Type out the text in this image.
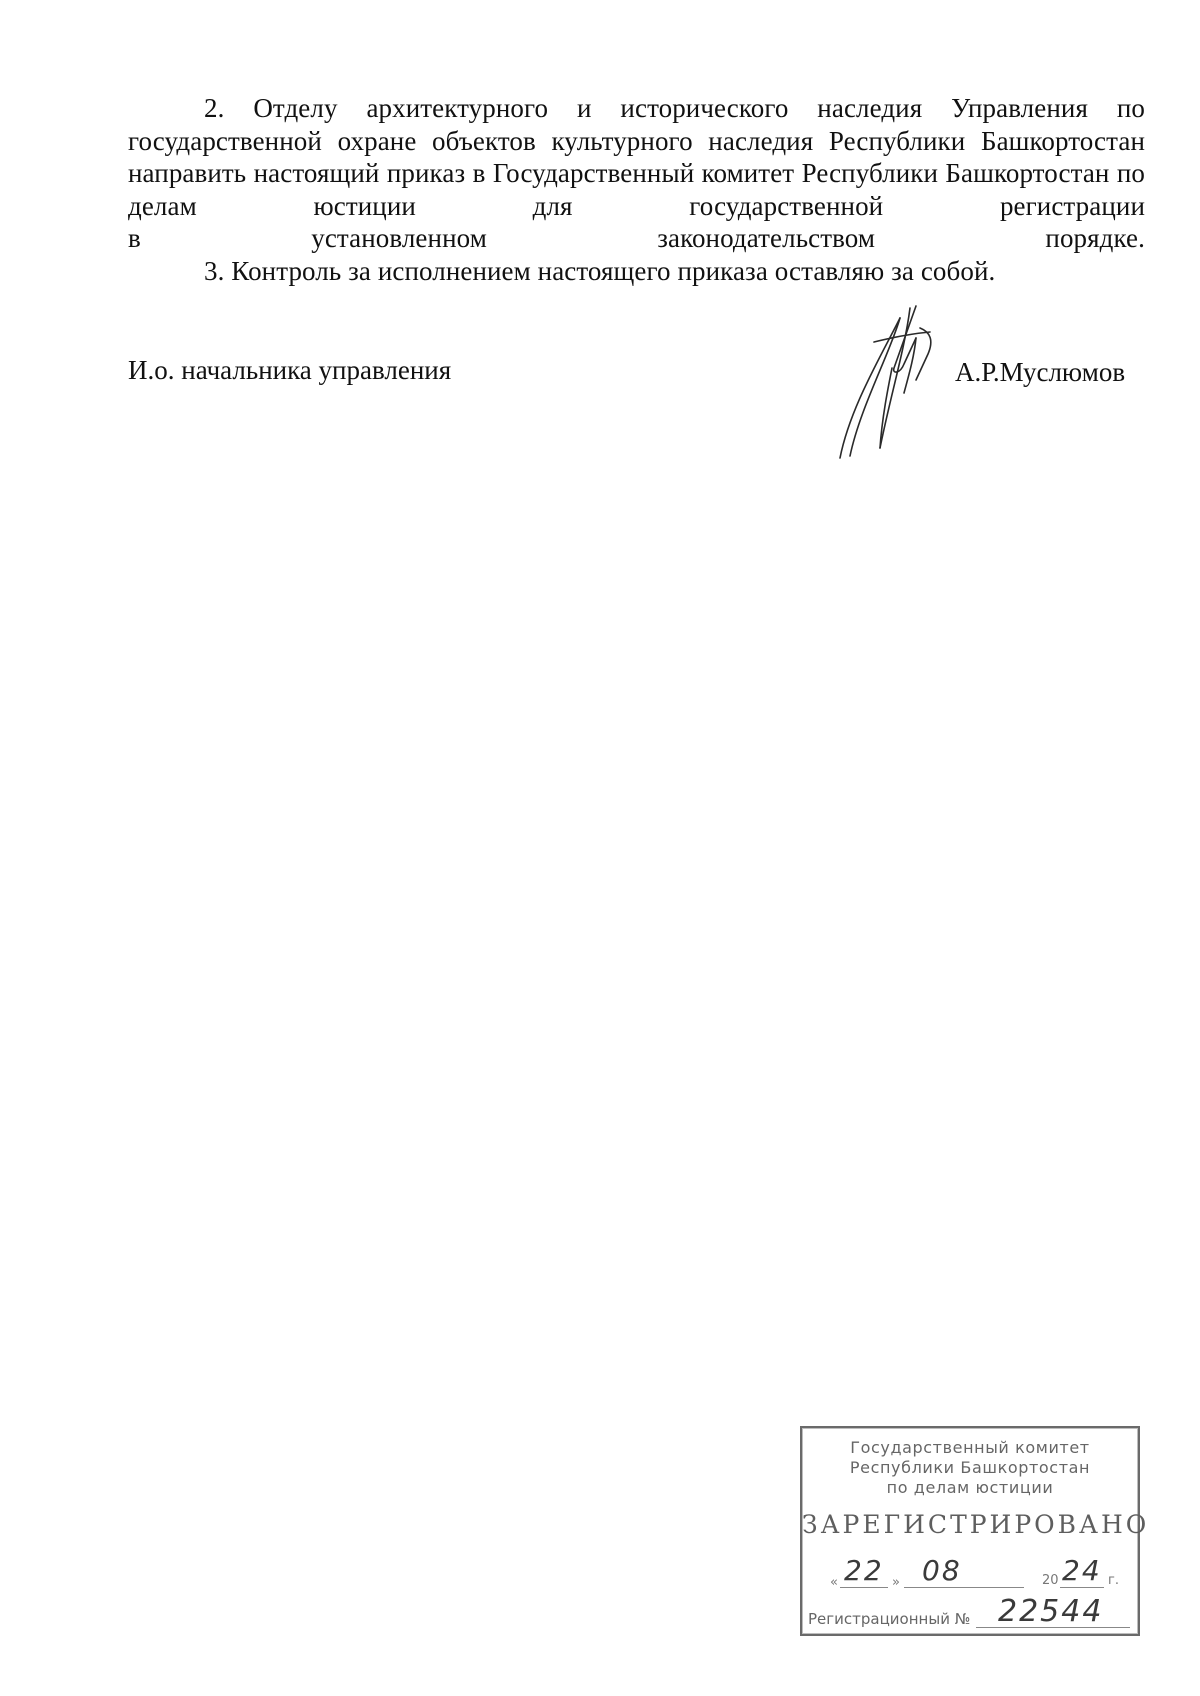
2. Отделу архитектурного и исторического наследия Управления по государственной охране объектов культурного наследия Республики Башкортостан направить настоящий приказ в Государственный комитет Республики Башкортостан по делам юстиции для государственной регистрации
в установленном законодательством порядке.

3. Контроль за исполнением настоящего приказа оставляю за собой.

И.о. начальника управления	А.Р.Муслюмов
Государственный комитет
Республики Башкортостан
по делам юстиции
ЗАРЕГИСТРИРОВАНО
« 22 » 08	20 24 г.
Регистрационный № 22544
